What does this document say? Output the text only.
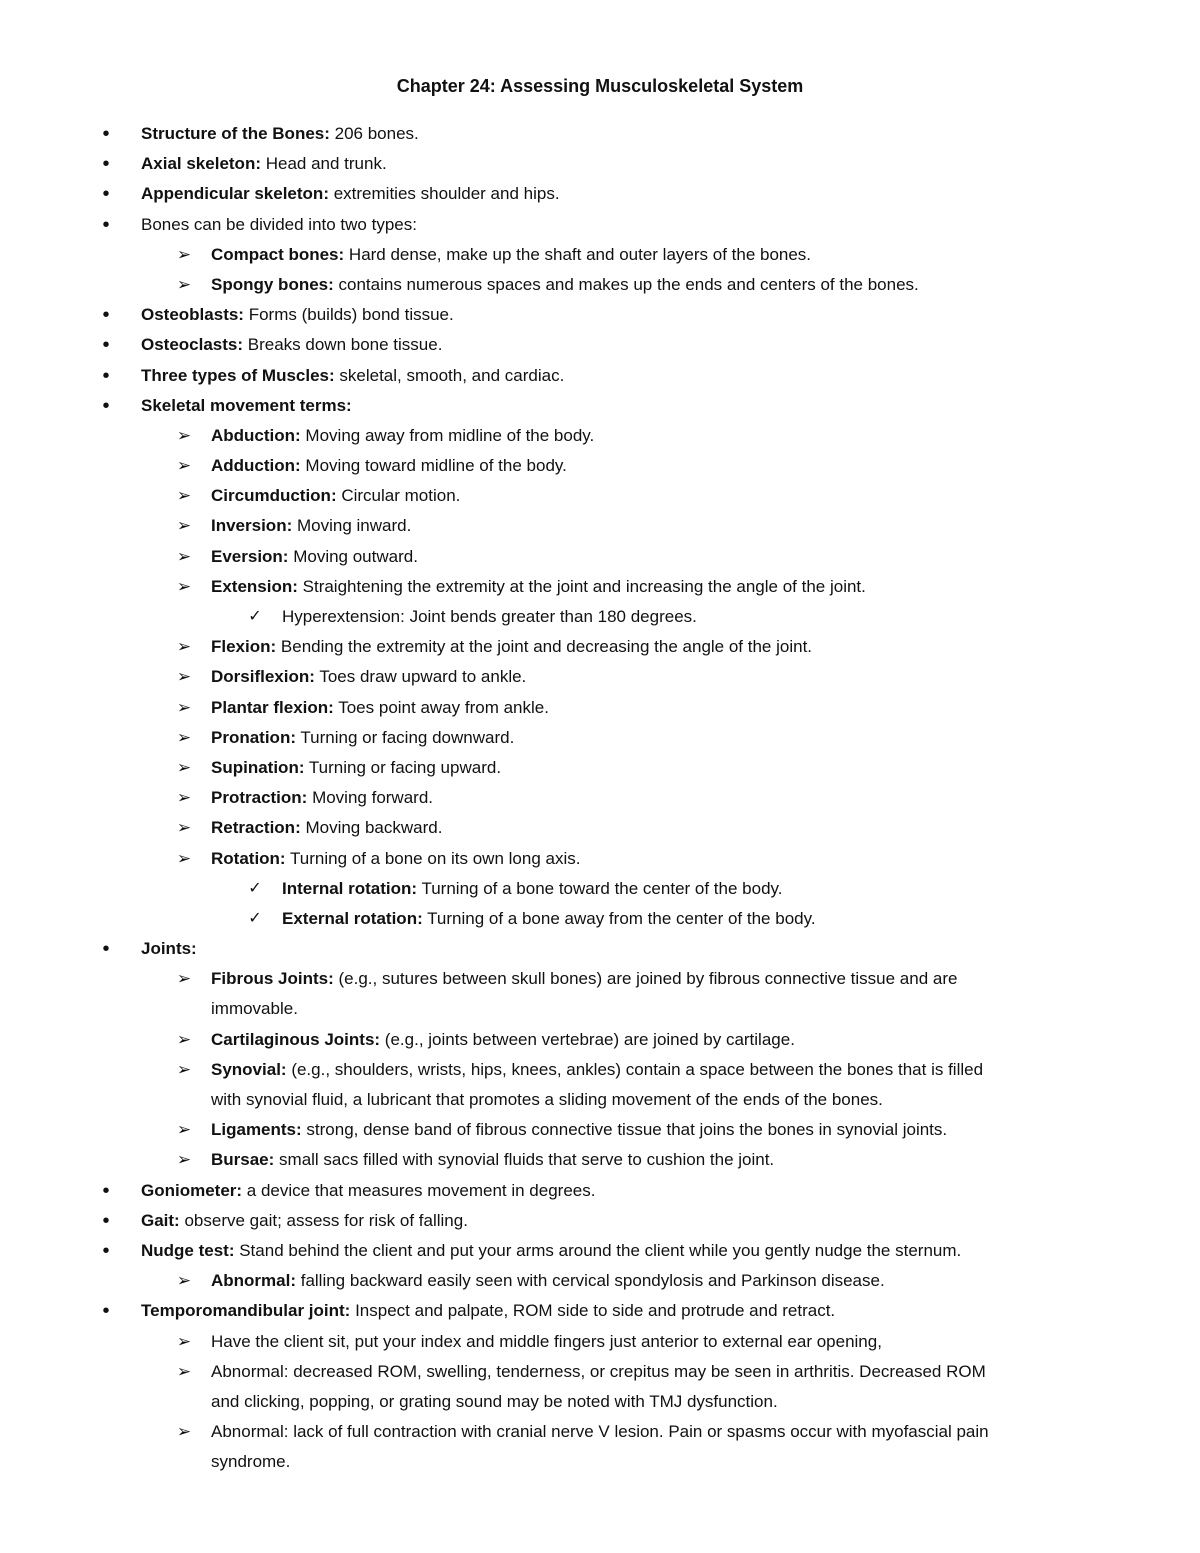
Chapter 24: Assessing Musculoskeletal System
•	Structure of the Bones: 206 bones.
•	Axial skeleton: Head and trunk.
•	Appendicular skeleton: extremities shoulder and hips.
•	Bones can be divided into two types:
➢ Compact bones: Hard dense, make up the shaft and outer layers of the bones.
➢ Spongy bones: contains numerous spaces and makes up the ends and centers of the bones.
•	Osteoblasts: Forms (builds) bond tissue.
•	Osteoclasts: Breaks down bone tissue.
•	Three types of Muscles: skeletal, smooth, and cardiac.
•	Skeletal movement terms:
➢ Abduction: Moving away from midline of the body.
➢ Adduction: Moving toward midline of the body.
➢ Circumduction: Circular motion.
➢ Inversion: Moving inward.
➢ Eversion: Moving outward.
➢ Extension: Straightening the extremity at the joint and increasing the angle of the joint.
✓ Hyperextension: Joint bends greater than 180 degrees.
➢ Flexion: Bending the extremity at the joint and decreasing the angle of the joint.
➢ Dorsiflexion: Toes draw upward to ankle.
➢ Plantar flexion: Toes point away from ankle.
➢ Pronation: Turning or facing downward.
➢ Supination: Turning or facing upward.
➢ Protraction: Moving forward.
➢ Retraction: Moving backward.
➢ Rotation: Turning of a bone on its own long axis.
✓ Internal rotation: Turning of a bone toward the center of the body.
✓ External rotation: Turning of a bone away from the center of the body.
•	Joints:
➢ Fibrous Joints: (e.g., sutures between skull bones) are joined by fibrous connective tissue and are
immovable.
➢ Cartilaginous Joints: (e.g., joints between vertebrae) are joined by cartilage.
➢ Synovial: (e.g., shoulders, wrists, hips, knees, ankles) contain a space between the bones that is filled
with synovial fluid, a lubricant that promotes a sliding movement of the ends of the bones.
➢ Ligaments: strong, dense band of fibrous connective tissue that joins the bones in synovial joints.
➢ Bursae: small sacs filled with synovial fluids that serve to cushion the joint.
•	Goniometer: a device that measures movement in degrees.
•	Gait: observe gait; assess for risk of falling.
•	Nudge test: Stand behind the client and put your arms around the client while you gently nudge the sternum.
➢ Abnormal: falling backward easily seen with cervical spondylosis and Parkinson disease.
•	Temporomandibular joint: Inspect and palpate, ROM side to side and protrude and retract.
➢ Have the client sit, put your index and middle fingers just anterior to external ear opening,
➢ Abnormal: decreased ROM, swelling, tenderness, or crepitus may be seen in arthritis. Decreased ROM
and clicking, popping, or grating sound may be noted with TMJ dysfunction.
➢ Abnormal: lack of full contraction with cranial nerve V lesion. Pain or spasms occur with myofascial pain
syndrome.
